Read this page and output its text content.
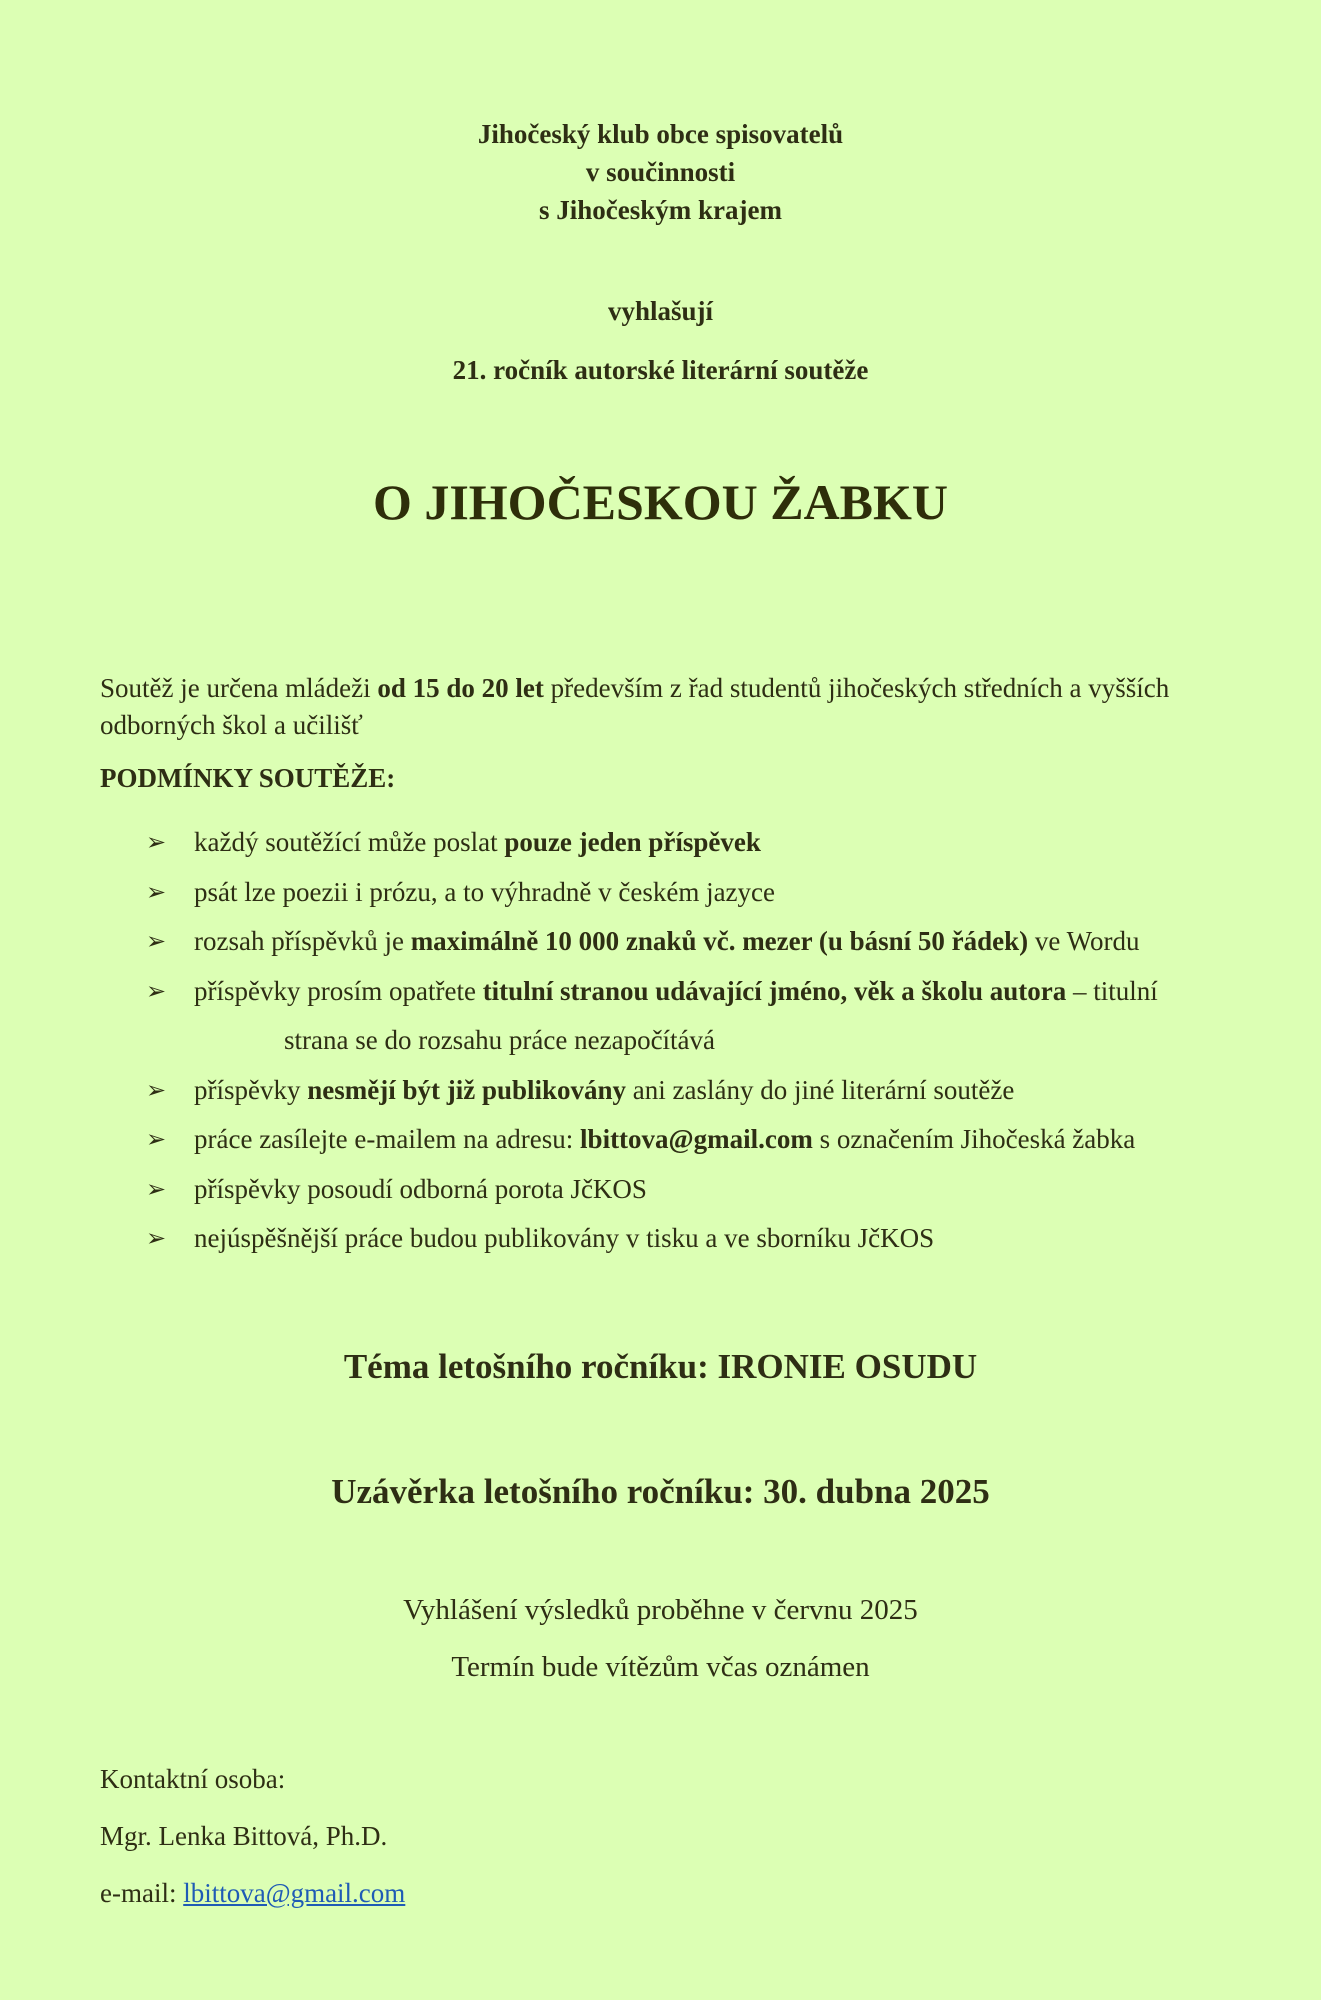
Jihočeský klub obce spisovatelů
v součinnosti
s Jihočeským krajem
vyhlašují
21. ročník autorské literární soutěže
O JIHOČESKOU ŽABKU
Soutěž je určena mládeži od 15 do 20 let především z řad studentů jihočeských středních a vyšších odborných škol a učilišť
PODMÍNKY SOUTĚŽE:
➢ každý soutěžící může poslat pouze jeden příspěvek
➢ psát lze poezii i prózu, a to výhradně v českém jazyce
➢ rozsah příspěvků je maximálně 10 000 znaků vč. mezer (u básní 50 řádek) ve Wordu
➢ příspěvky prosím opatřete titulní stranou udávající jméno, věk a školu autora – titulní
strana se do rozsahu práce nezapočítává
➢ příspěvky nesmějí být již publikovány ani zaslány do jiné literární soutěže
➢ práce zasílejte e-mailem na adresu: lbittova@gmail.com s označením Jihočeská žabka
➢ příspěvky posoudí odborná porota JčKOS
➢ nejúspěšnější práce budou publikovány v tisku a ve sborníku JčKOS
Téma letošního ročníku: IRONIE OSUDU
Uzávěrka letošního ročníku: 30. dubna 2025
Vyhlášení výsledků proběhne v červnu 2025
Termín bude vítězům včas oznámen
Kontaktní osoba:
Mgr. Lenka Bittová, Ph.D.
e-mail: lbittova@gmail.com
